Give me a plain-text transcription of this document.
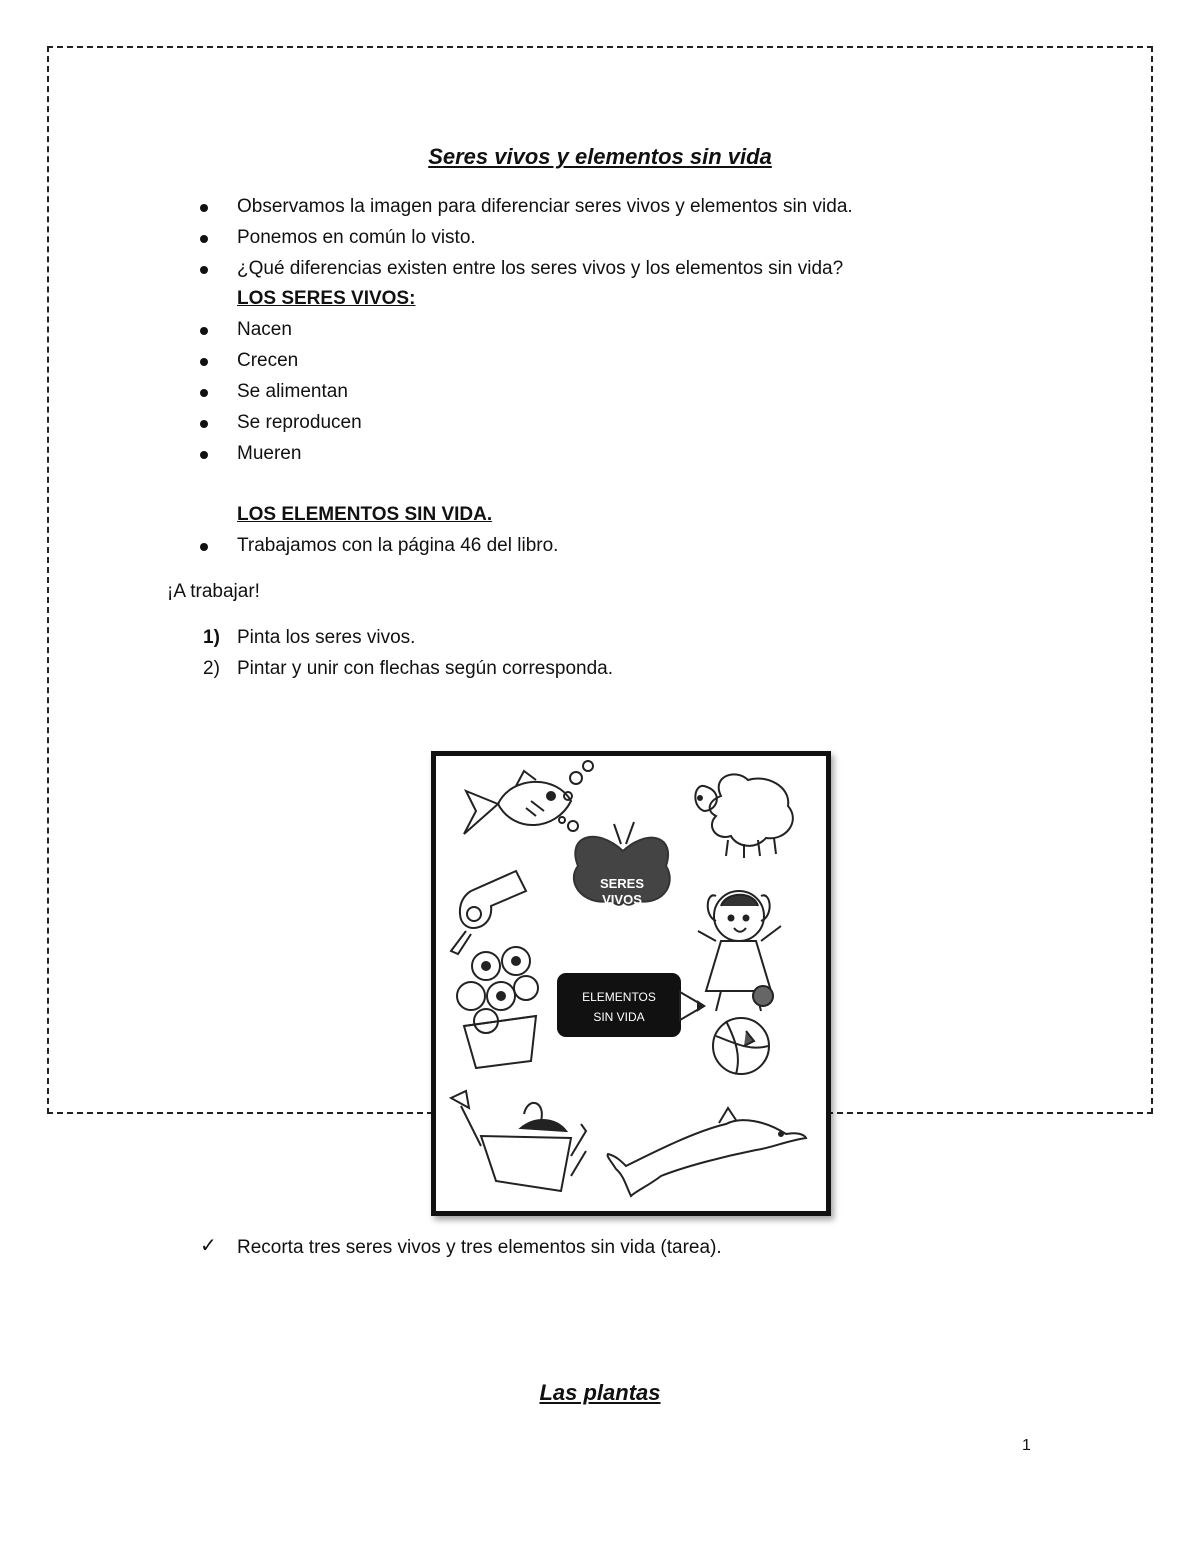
Seres vivos y elementos sin vida
Observamos la imagen para diferenciar seres vivos y elementos sin vida.
Ponemos en común lo visto.
¿Qué diferencias existen entre los seres vivos y los elementos sin vida?
LOS SERES VIVOS:
Nacen
Crecen
Se alimentan
Se reproducen
Mueren
LOS ELEMENTOS SIN VIDA.
Trabajamos con la página 46 del libro.
¡A trabajar!
1) Pinta los seres vivos.
2) Pintar y unir con flechas según corresponda.
SERES
VIVOS
ELEMENTOS
SIN VIDA
✓ Recorta tres seres vivos y tres elementos sin vida (tarea).
Las plantas
1
